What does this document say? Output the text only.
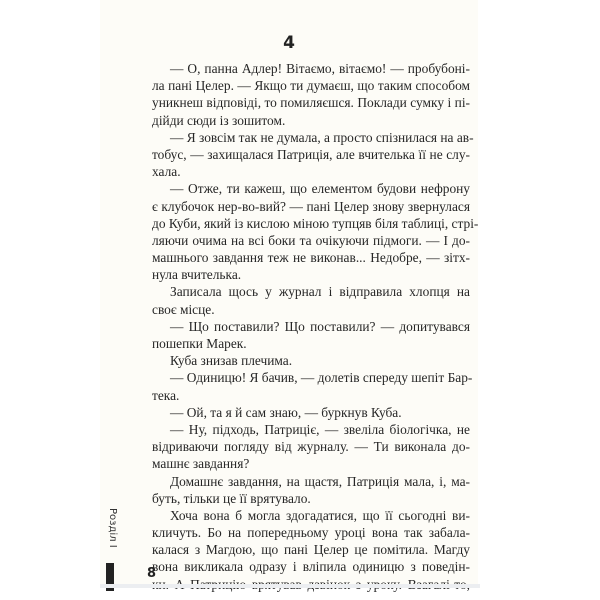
4
— О, панна Адлер! Вітаємо, вітаємо! — пробубоні-
ла пані Целер. — Якщо ти думаєш, що таким способом
уникнеш відповіді, то помиляєшся. Поклади сумку і пі-
дійди сюди із зошитом.
— Я зовсім так не думала, а просто спізнилася на ав-
тобус, — захищалася Патриція, але вчителька її не слу-
хала.
— Отже, ти кажеш, що елементом будови нефрону
є клубочок нер-во-вий? — пані Целер знову звернулася
до Куби, який із кислою міною тупцяв біля таблиці, стрі-
ляючи очима на всі боки та очікуючи підмоги. — І до-
машнього завдання теж не виконав... Недобре, — зітх-
нула вчителька.
Записала щось у журнал і відправила хлопця на
своє місце.
— Що поставили? Що поставили? — допитувався
пошепки Марек.
Куба знизав плечима.
— Одиницю! Я бачив, — долетів спереду шепіт Бар-
тека.
— Ой, та я й сам знаю, — буркнув Куба.
— Ну, підходь, Патриціє, — звеліла біологічка, не
відриваючи погляду від журналу. — Ти виконала до-
машнє завдання?
Домашнє завдання, на щастя, Патриція мала, і, ма-
буть, тільки це її врятувало.
Хоча вона б могла здогадатися, що її сьогодні ви-
кличуть. Бо на попередньому уроці вона так забала-
калася з Магдою, що пані Целер це помітила. Магду
вона викликала одразу і вліпила одиницю з поведін-
Розділ I
8
